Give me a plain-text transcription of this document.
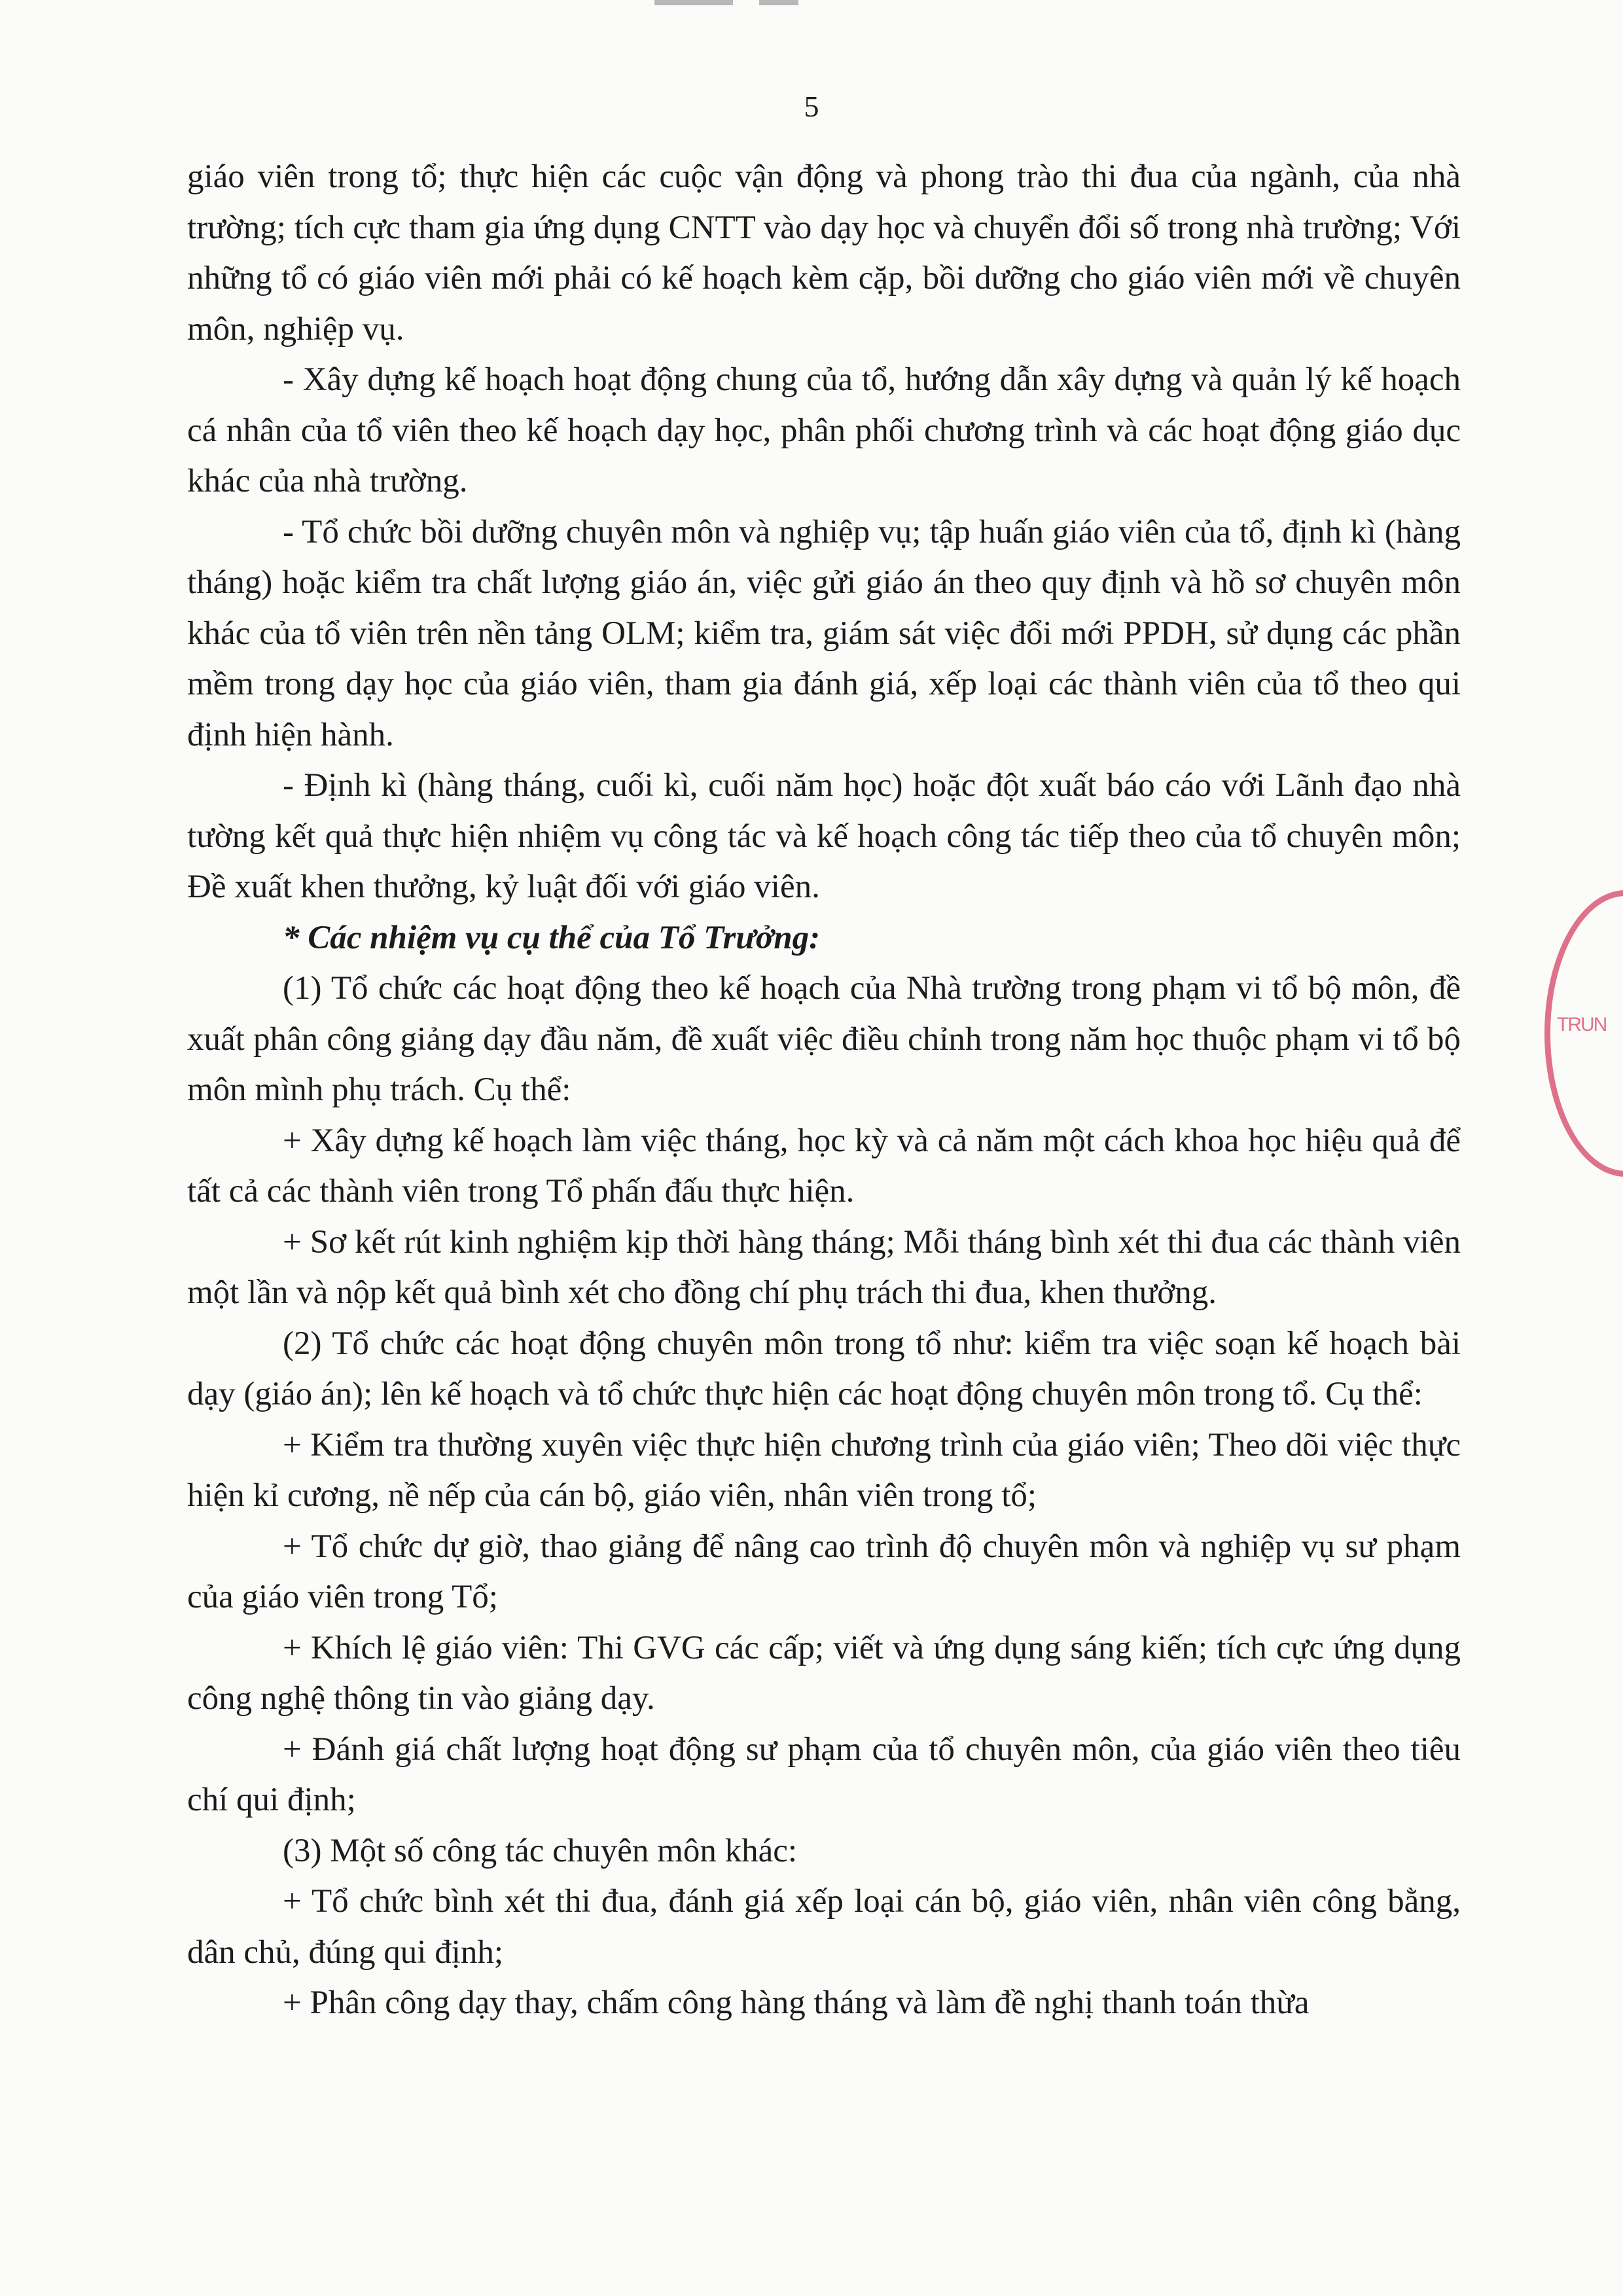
5

giáo viên trong tổ; thực hiện các cuộc vận động và phong trào thi đua của ngành, của nhà trường; tích cực tham gia ứng dụng CNTT vào dạy học và chuyển đổi số trong nhà trường; Với những tổ có giáo viên mới phải có kế hoạch kèm cặp, bồi dưỡng cho giáo viên mới về chuyên môn, nghiệp vụ.

- Xây dựng kế hoạch hoạt động chung của tổ, hướng dẫn xây dựng và quản lý kế hoạch cá nhân của tổ viên theo kế hoạch dạy học, phân phối chương trình và các hoạt động giáo dục khác của nhà trường.

- Tổ chức bồi dưỡng chuyên môn và nghiệp vụ; tập huấn giáo viên của tổ, định kì (hàng tháng) hoặc kiểm tra chất lượng giáo án, việc gửi giáo án theo quy định và hồ sơ chuyên môn khác của tổ viên trên nền tảng OLM; kiểm tra, giám sát việc đổi mới PPDH, sử dụng các phần mềm trong dạy học của giáo viên, tham gia đánh giá, xếp loại các thành viên của tổ theo qui định hiện hành.

- Định kì (hàng tháng, cuối kì, cuối năm học) hoặc đột xuất báo cáo với Lãnh đạo nhà tường kết quả thực hiện nhiệm vụ công tác và kế hoạch công tác tiếp theo của tổ chuyên môn; Đề xuất khen thưởng, kỷ luật đối với giáo viên.

* Các nhiệm vụ cụ thể của Tổ Trưởng:

(1) Tổ chức các hoạt động theo kế hoạch của Nhà trường trong phạm vi tổ bộ môn, đề xuất phân công giảng dạy đầu năm, đề xuất việc điều chỉnh trong năm học thuộc phạm vi tổ bộ môn mình phụ trách. Cụ thể:

+ Xây dựng kế hoạch làm việc tháng, học kỳ và cả năm một cách khoa học hiệu quả để tất cả các thành viên trong Tổ phấn đấu thực hiện.

+ Sơ kết rút kinh nghiệm kịp thời hàng tháng; Mỗi tháng bình xét thi đua các thành viên một lần và nộp kết quả bình xét cho đồng chí phụ trách thi đua, khen thưởng.

(2) Tổ chức các hoạt động chuyên môn trong tổ như: kiểm tra việc soạn kế hoạch bài dạy (giáo án); lên kế hoạch và tổ chức thực hiện các hoạt động chuyên môn trong tổ. Cụ thể:

+ Kiểm tra thường xuyên việc thực hiện chương trình của giáo viên; Theo dõi việc thực hiện kỉ cương, nề nếp của cán bộ, giáo viên, nhân viên trong tổ;

+ Tổ chức dự giờ, thao giảng để nâng cao trình độ chuyên môn và nghiệp vụ sư phạm của giáo viên trong Tổ;

+ Khích lệ giáo viên: Thi GVG các cấp; viết và ứng dụng sáng kiến; tích cực ứng dụng công nghệ thông tin vào giảng dạy.

+ Đánh giá chất lượng hoạt động sư phạm của tổ chuyên môn, của giáo viên theo tiêu chí qui định;

(3) Một số công tác chuyên môn khác:

+ Tổ chức bình xét thi đua, đánh giá xếp loại cán bộ, giáo viên, nhân viên công bằng, dân chủ, đúng qui định;

+ Phân công dạy thay, chấm công hàng tháng và làm đề nghị thanh toán thừa

TRUN
